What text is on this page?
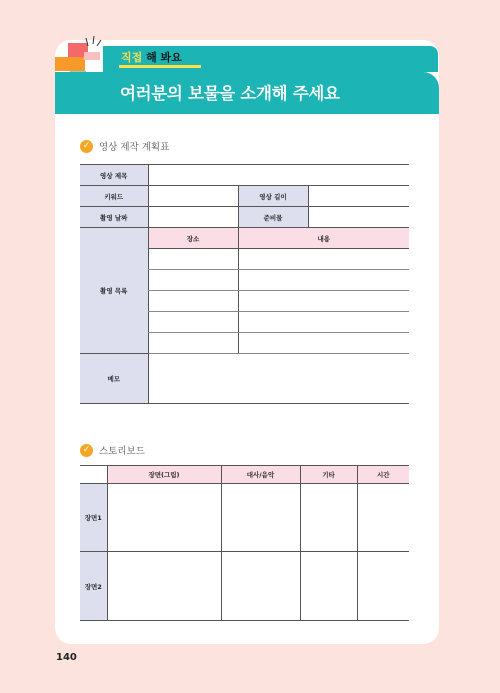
직접 해 봐요
여러분의 보물을 소개해 주세요
✓ 영상 제작 계획표
영상 제목			
키워드		영상 길이	
촬영 날짜		준비물	
촬영 목록	장소	내용	

메모			
✓ 스토리보드
	장면(그림)	대사/음악	기타	시간
장면1				
장면2				
140
